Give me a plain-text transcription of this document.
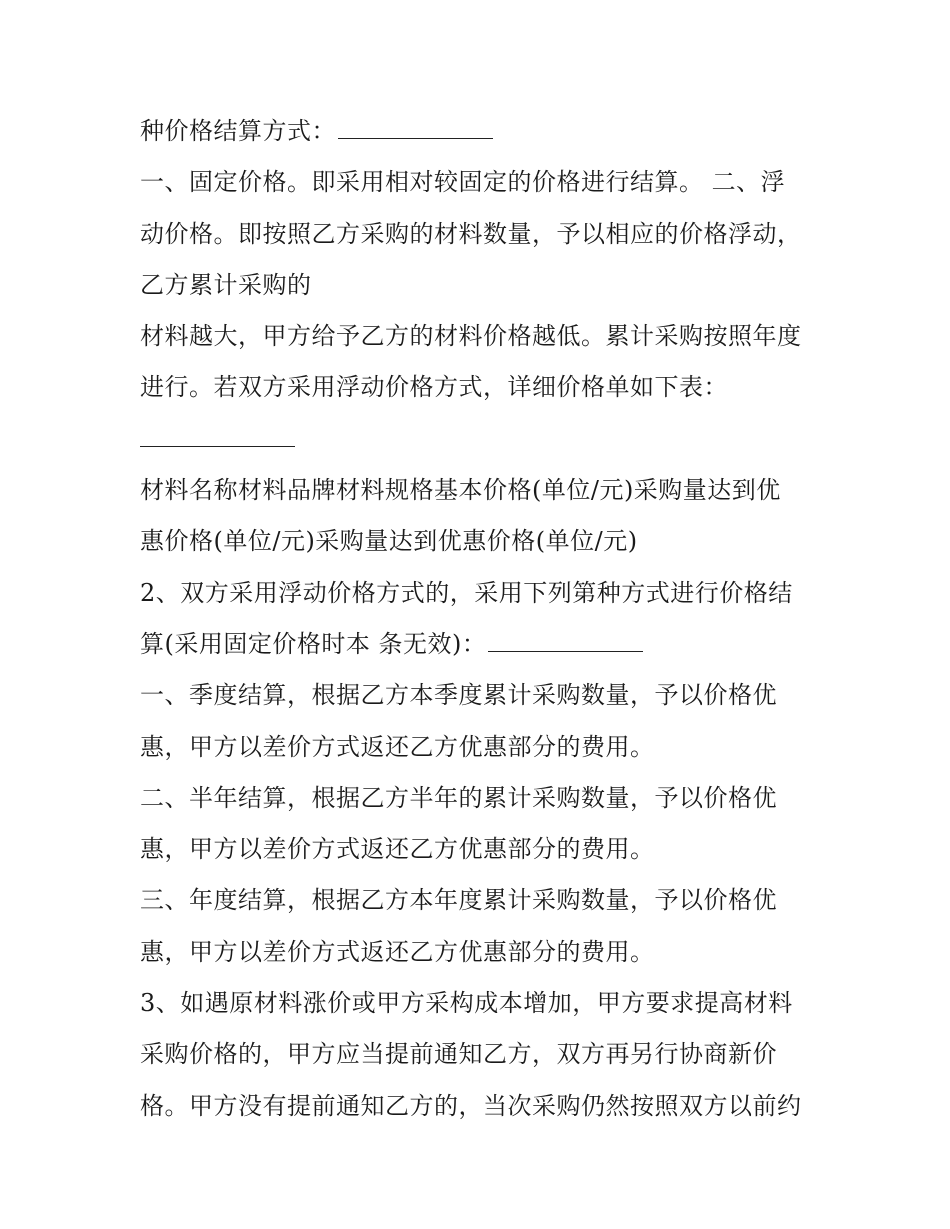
种价格结算方式：
一、固定价格。即采用相对较固定的价格进行结算。 二、浮
动价格。即按照乙方采购的材料数量，予以相应的价格浮动，
乙方累计采购的
材料越大，甲方给予乙方的材料价格越低。累计采购按照年度
进行。若双方采用浮动价格方式，详细价格单如下表：
材料名称材料品牌材料规格基本价格(单位/元)采购量达到优
惠价格(单位/元)采购量达到优惠价格(单位/元)
2、双方采用浮动价格方式的，采用下列第种方式进行价格结
算(采用固定价格时本 条无效)：
一、季度结算，根据乙方本季度累计采购数量，予以价格优
惠，甲方以差价方式返还乙方优惠部分的费用。
二、半年结算，根据乙方半年的累计采购数量，予以价格优
惠，甲方以差价方式返还乙方优惠部分的费用。
三、年度结算，根据乙方本年度累计采购数量，予以价格优
惠，甲方以差价方式返还乙方优惠部分的费用。
3、如遇原材料涨价或甲方采构成本增加，甲方要求提高材料
采购价格的，甲方应当提前通知乙方，双方再另行协商新价
格。甲方没有提前通知乙方的，当次采购仍然按照双方以前约
